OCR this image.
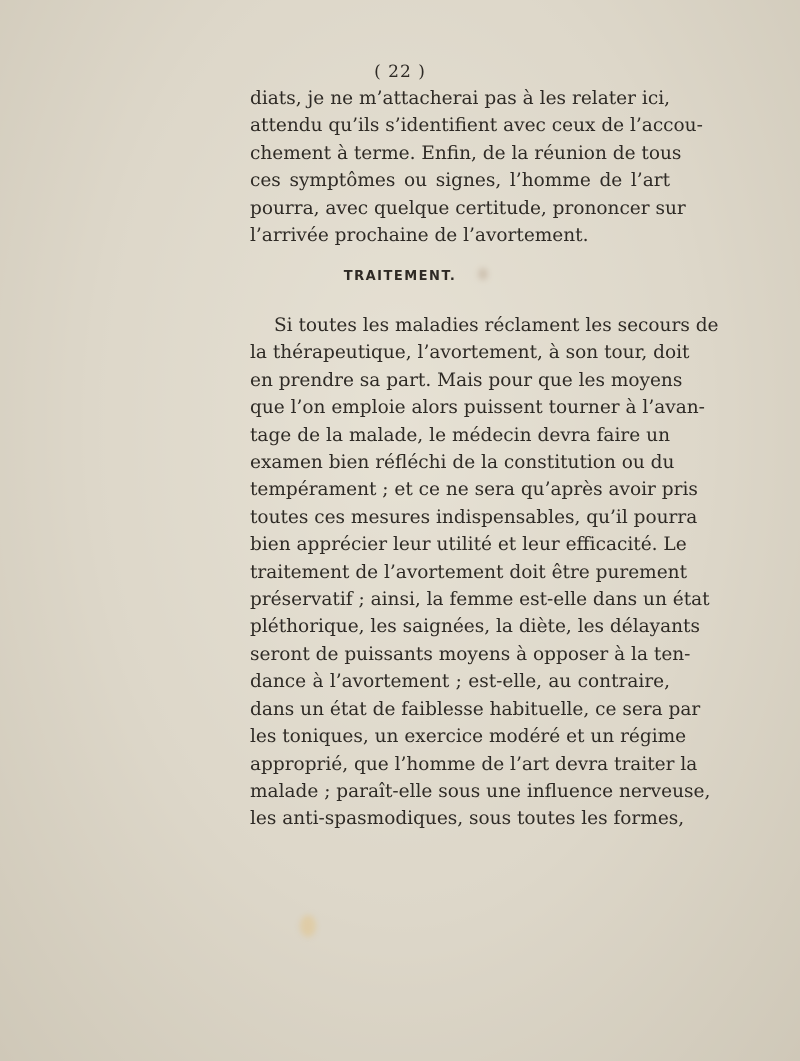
( 22 )
diats, je ne m’attacherai pas à les relater ici,
attendu qu’ils s’identifient avec ceux de l’accou-
chement à terme. Enfin, de la réunion de tous
ces symptômes ou signes, l’homme de l’art
pourra, avec quelque certitude, prononcer sur
l’arrivée prochaine de l’avortement.
TRAITEMENT.
Si toutes les maladies réclament les secours de
la thérapeutique, l’avortement, à son tour, doit
en prendre sa part. Mais pour que les moyens
que l’on emploie alors puissent tourner à l’avan-
tage de la malade, le médecin devra faire un
examen bien réfléchi de la constitution ou du
tempérament ; et ce ne sera qu’après avoir pris
toutes ces mesures indispensables, qu’il pourra
bien apprécier leur utilité et leur efficacité. Le
traitement de l’avortement doit être purement
préservatif ; ainsi, la femme est-elle dans un état
pléthorique, les saignées, la diète, les délayants
seront de puissants moyens à opposer à la ten-
dance à l’avortement ; est-elle, au contraire,
dans un état de faiblesse habituelle, ce sera par
les toniques, un exercice modéré et un régime
approprié, que l’homme de l’art devra traiter la
malade ; paraît-elle sous une influence nerveuse,
les anti-spasmodiques, sous toutes les formes,
